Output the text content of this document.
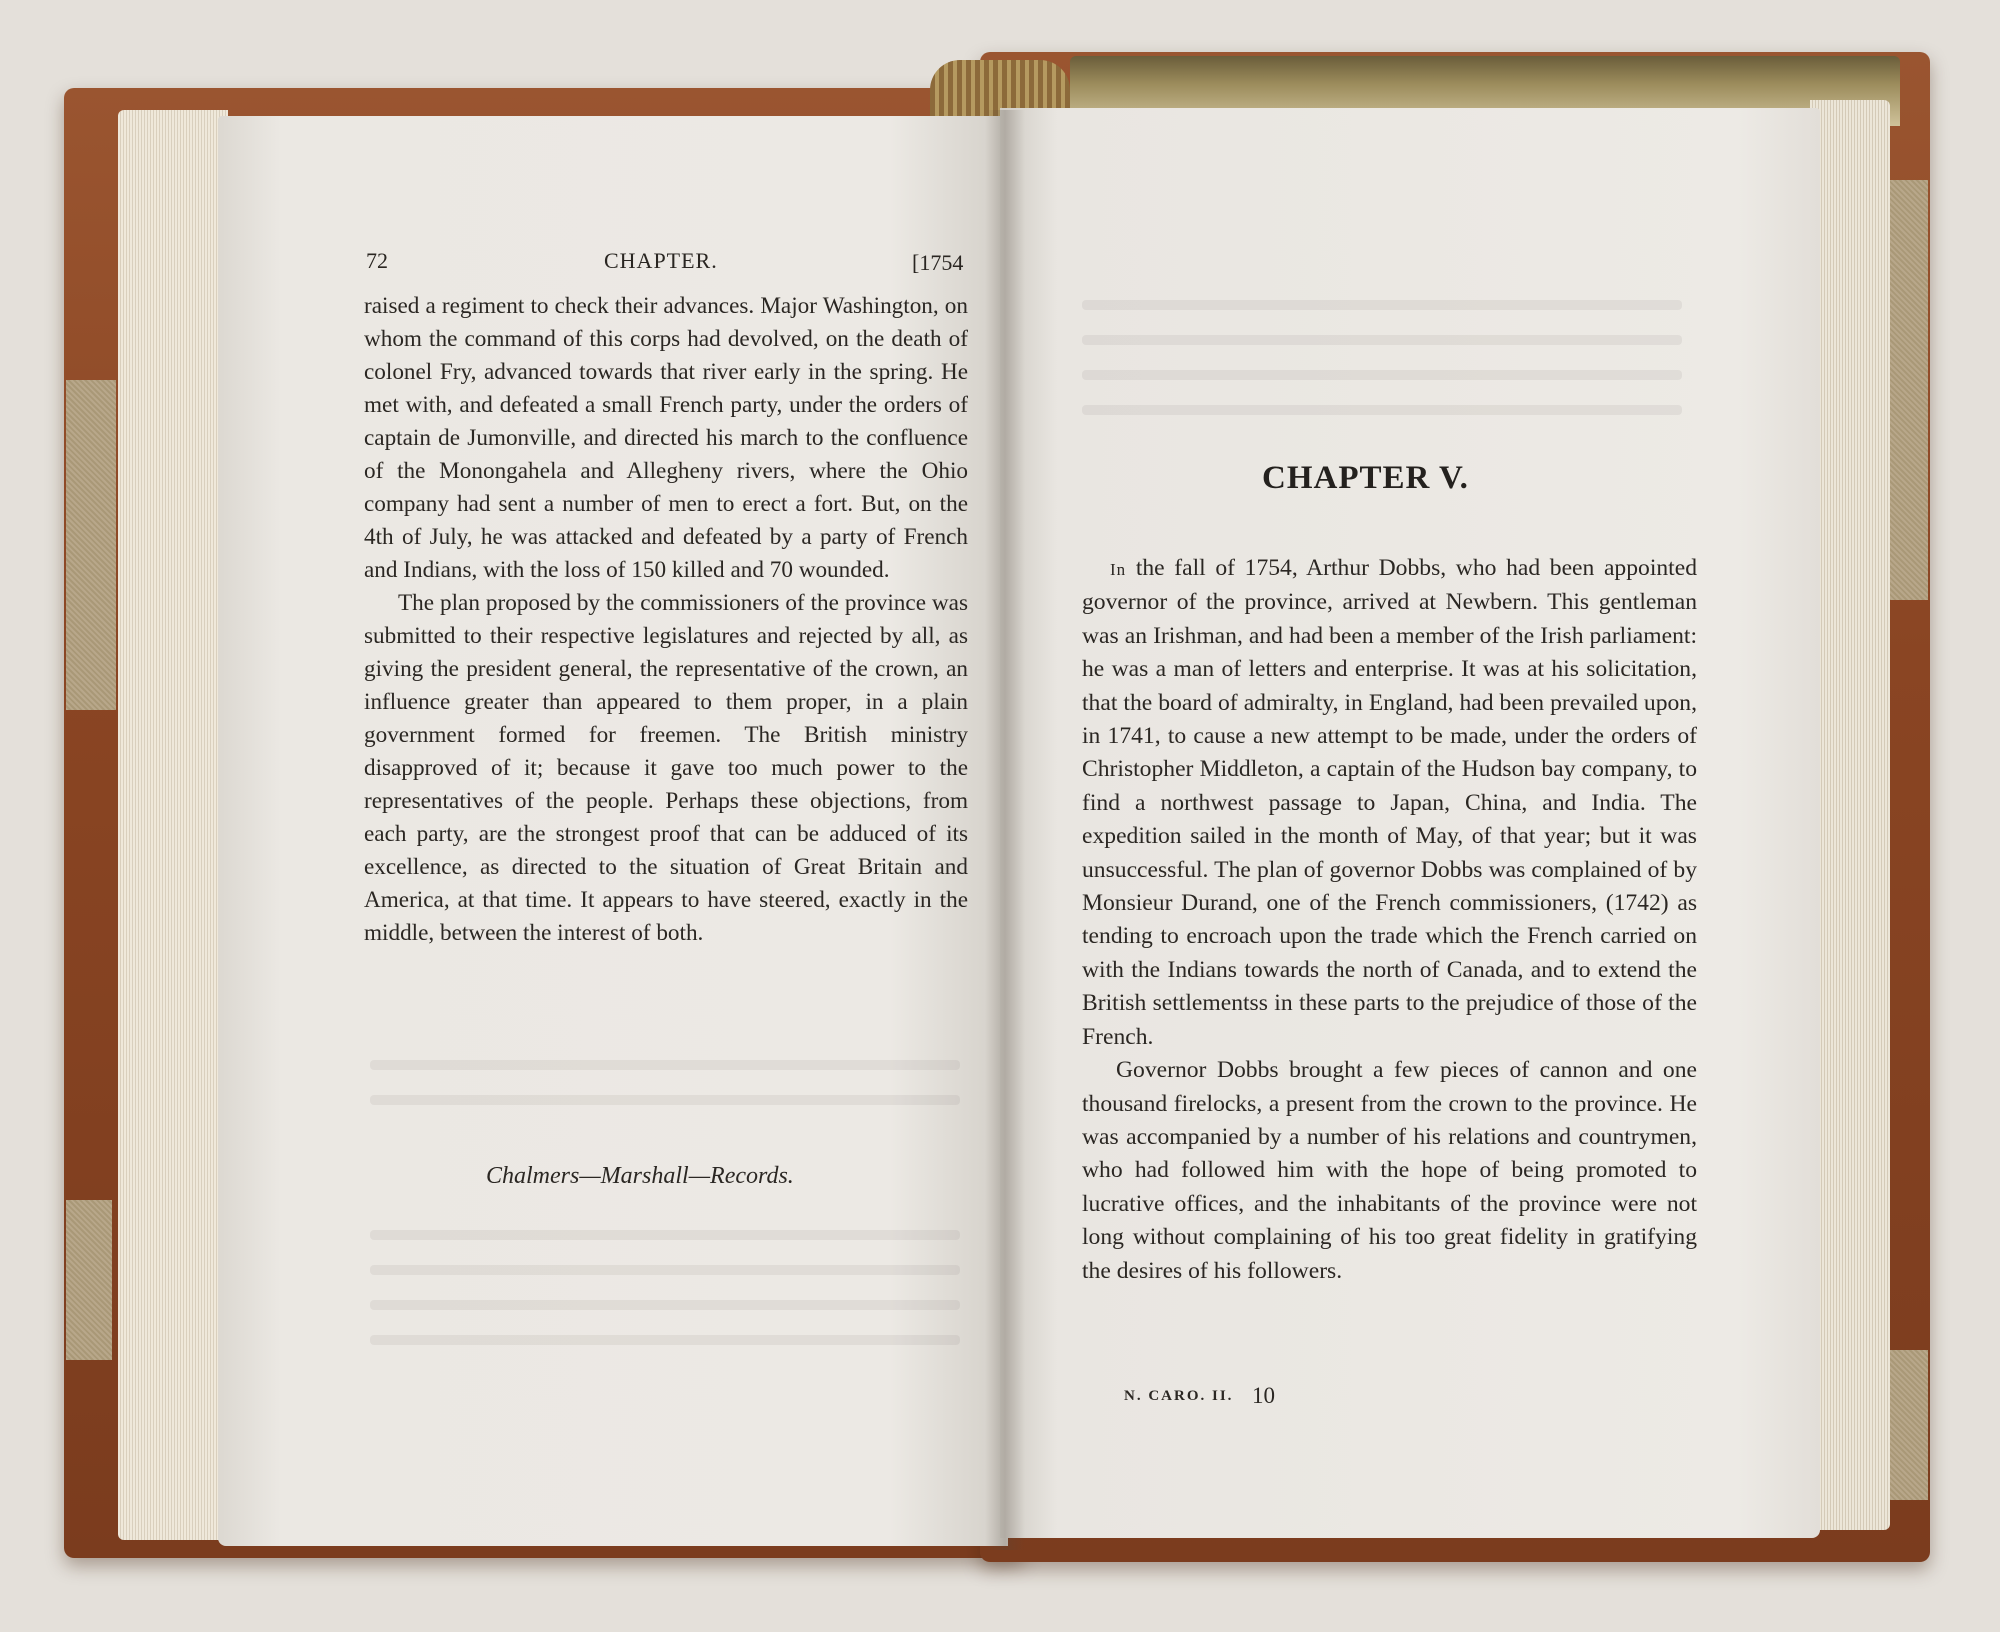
72	CHAPTER.	[1754

raised a regiment to check their advances. Major Washington, on whom the command of this corps had devolved, on the death of colonel Fry, advanced towards that river early in the spring. He met with, and defeated a small French party, under the orders of captain de Jumonville, and directed his march to the confluence of the Monongahela and Allegheny rivers, where the Ohio company had sent a number of men to erect a fort. But, on the 4th of July, he was attacked and defeated by a party of French and Indians, with the loss of 150 killed and 70 wounded.

The plan proposed by the commissioners of the province was submitted to their respective legislatures and rejected by all, as giving the president general, the representative of the crown, an influence greater than appeared to them proper, in a plain government formed for freemen. The British ministry disapproved of it; because it gave too much power to the representatives of the people. Perhaps these objections, from each party, are the strongest proof that can be adduced of its excellence, as directed to the situation of Great Britain and America, at that time. It appears to have steered, exactly in the middle, between the interest of both.

Chalmers—Marshall—Records.
CHAPTER V.

In the fall of 1754, Arthur Dobbs, who had been appointed governor of the province, arrived at Newbern. This gentleman was an Irishman, and had been a member of the Irish parliament: he was a man of letters and enterprise. It was at his solicitation, that the board of admiralty, in England, had been prevailed upon, in 1741, to cause a new attempt to be made, under the orders of Christopher Middleton, a captain of the Hudson bay company, to find a northwest passage to Japan, China, and India. The expedition sailed in the month of May, of that year; but it was unsuccessful. The plan of governor Dobbs was complained of by Monsieur Durand, one of the French commissioners, (1742) as tending to encroach upon the trade which the French carried on with the Indians towards the north of Canada, and to extend the British settlementss in these parts to the prejudice of those of the French.

Governor Dobbs brought a few pieces of cannon and one thousand firelocks, a present from the crown to the province. He was accompanied by a number of his relations and countrymen, who had followed him with the hope of being promoted to lucrative offices, and the inhabitants of the province were not long without complaining of his too great fidelity in gratifying the desires of his followers.

N. CARO. II. 10
